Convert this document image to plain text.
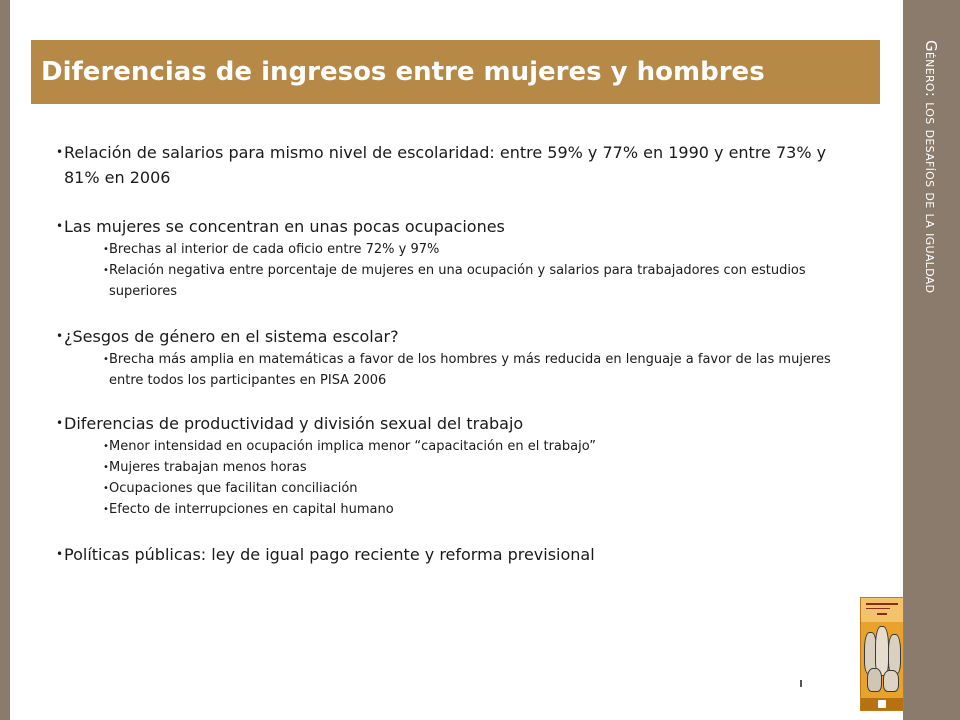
Género: los desafíos de la igualdad
Diferencias de ingresos entre mujeres y hombres

• Relación de salarios para mismo nivel de escolaridad: entre 59% y 77% en 1990 y entre 73% y 81% en 2006

• Las mujeres se concentran en unas pocas ocupaciones

• Brechas al interior de cada oficio entre 72% y 97%

• Relación negativa entre porcentaje de mujeres en una ocupación y salarios para trabajadores con estudios superiores

• ¿Sesgos de género en el sistema escolar?

• Brecha más amplia en matemáticas a favor de los hombres y más reducida en lenguaje a favor de las mujeres entre todos los participantes en PISA 2006

• Diferencias de productividad y división sexual del trabajo

• Menor intensidad en ocupación implica menor “capacitación en el trabajo”

• Mujeres trabajan menos horas

• Ocupaciones que facilitan conciliación

• Efecto de interrupciones en capital humano

• Políticas públicas: ley de igual pago reciente y reforma previsional
